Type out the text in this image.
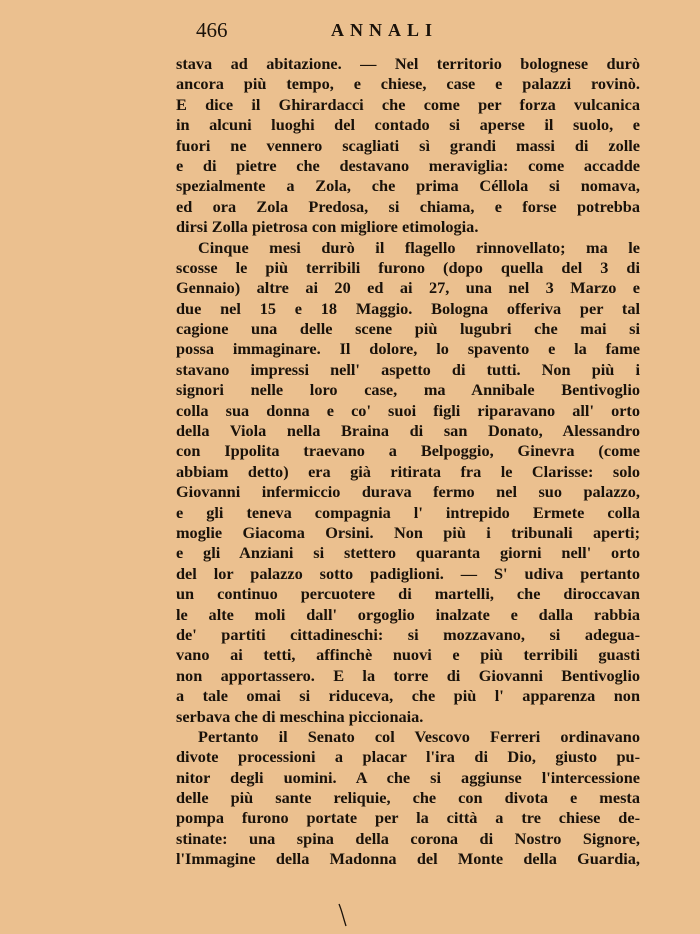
466	ANNALI
stava ad abitazione. — Nel territorio bolognese durò
ancora più tempo, e chiese, case e palazzi rovinò.
E dice il Ghirardacci che come per forza vulcanica
in alcuni luoghi del contado si aperse il suolo, e
fuori ne vennero scagliati sì grandi massi di zolle
e di pietre che destavano meraviglia: come accadde
spezialmente a Zola, che prima Céllola si nomava,
ed ora Zola Predosa, si chiama, e forse potrebba
dirsi Zolla pietrosa con migliore etimologia.
Cinque mesi durò il flagello rinnovellato; ma le
scosse le più terribili furono (dopo quella del 3 di
Gennaio) altre ai 20 ed ai 27, una nel 3 Marzo e
due nel 15 e 18 Maggio. Bologna offeriva per tal
cagione una delle scene più lugubri che mai si
possa immaginare. Il dolore, lo spavento e la fame
stavano impressi nell' aspetto di tutti. Non più i
signori nelle loro case, ma Annibale Bentivoglio
colla sua donna e co' suoi figli riparavano all' orto
della Viola nella Braina di san Donato, Alessandro
con Ippolita traevano a Belpoggio, Ginevra (come
abbiam detto) era già ritirata fra le Clarisse: solo
Giovanni infermiccio durava fermo nel suo palazzo,
e gli teneva compagnia l' intrepido Ermete colla
moglie Giacoma Orsini. Non più i tribunali aperti;
e gli Anziani si stettero quaranta giorni nell' orto
del lor palazzo sotto padiglioni. — S' udiva pertanto
un continuo percuotere di martelli, che diroccavan
le alte moli dall' orgoglio inalzate e dalla rabbia
de' partiti cittadineschi: si mozzavano, si adegua-
vano ai tetti, affinchè nuovi e più terribili guasti
non apportassero. E la torre di Giovanni Bentivoglio
a tale omai si riduceva, che più l' apparenza non
serbava che di meschina piccionaia.
Pertanto il Senato col Vescovo Ferreri ordinavano
divote processioni a placar l'ira di Dio, giusto pu-
nitor degli uomini. A che si aggiunse l'intercessione
delle più sante reliquie, che con divota e mesta
pompa furono portate per la città a tre chiese de-
stinate: una spina della corona di Nostro Signore,
l'Immagine della Madonna del Monte della Guardia,
